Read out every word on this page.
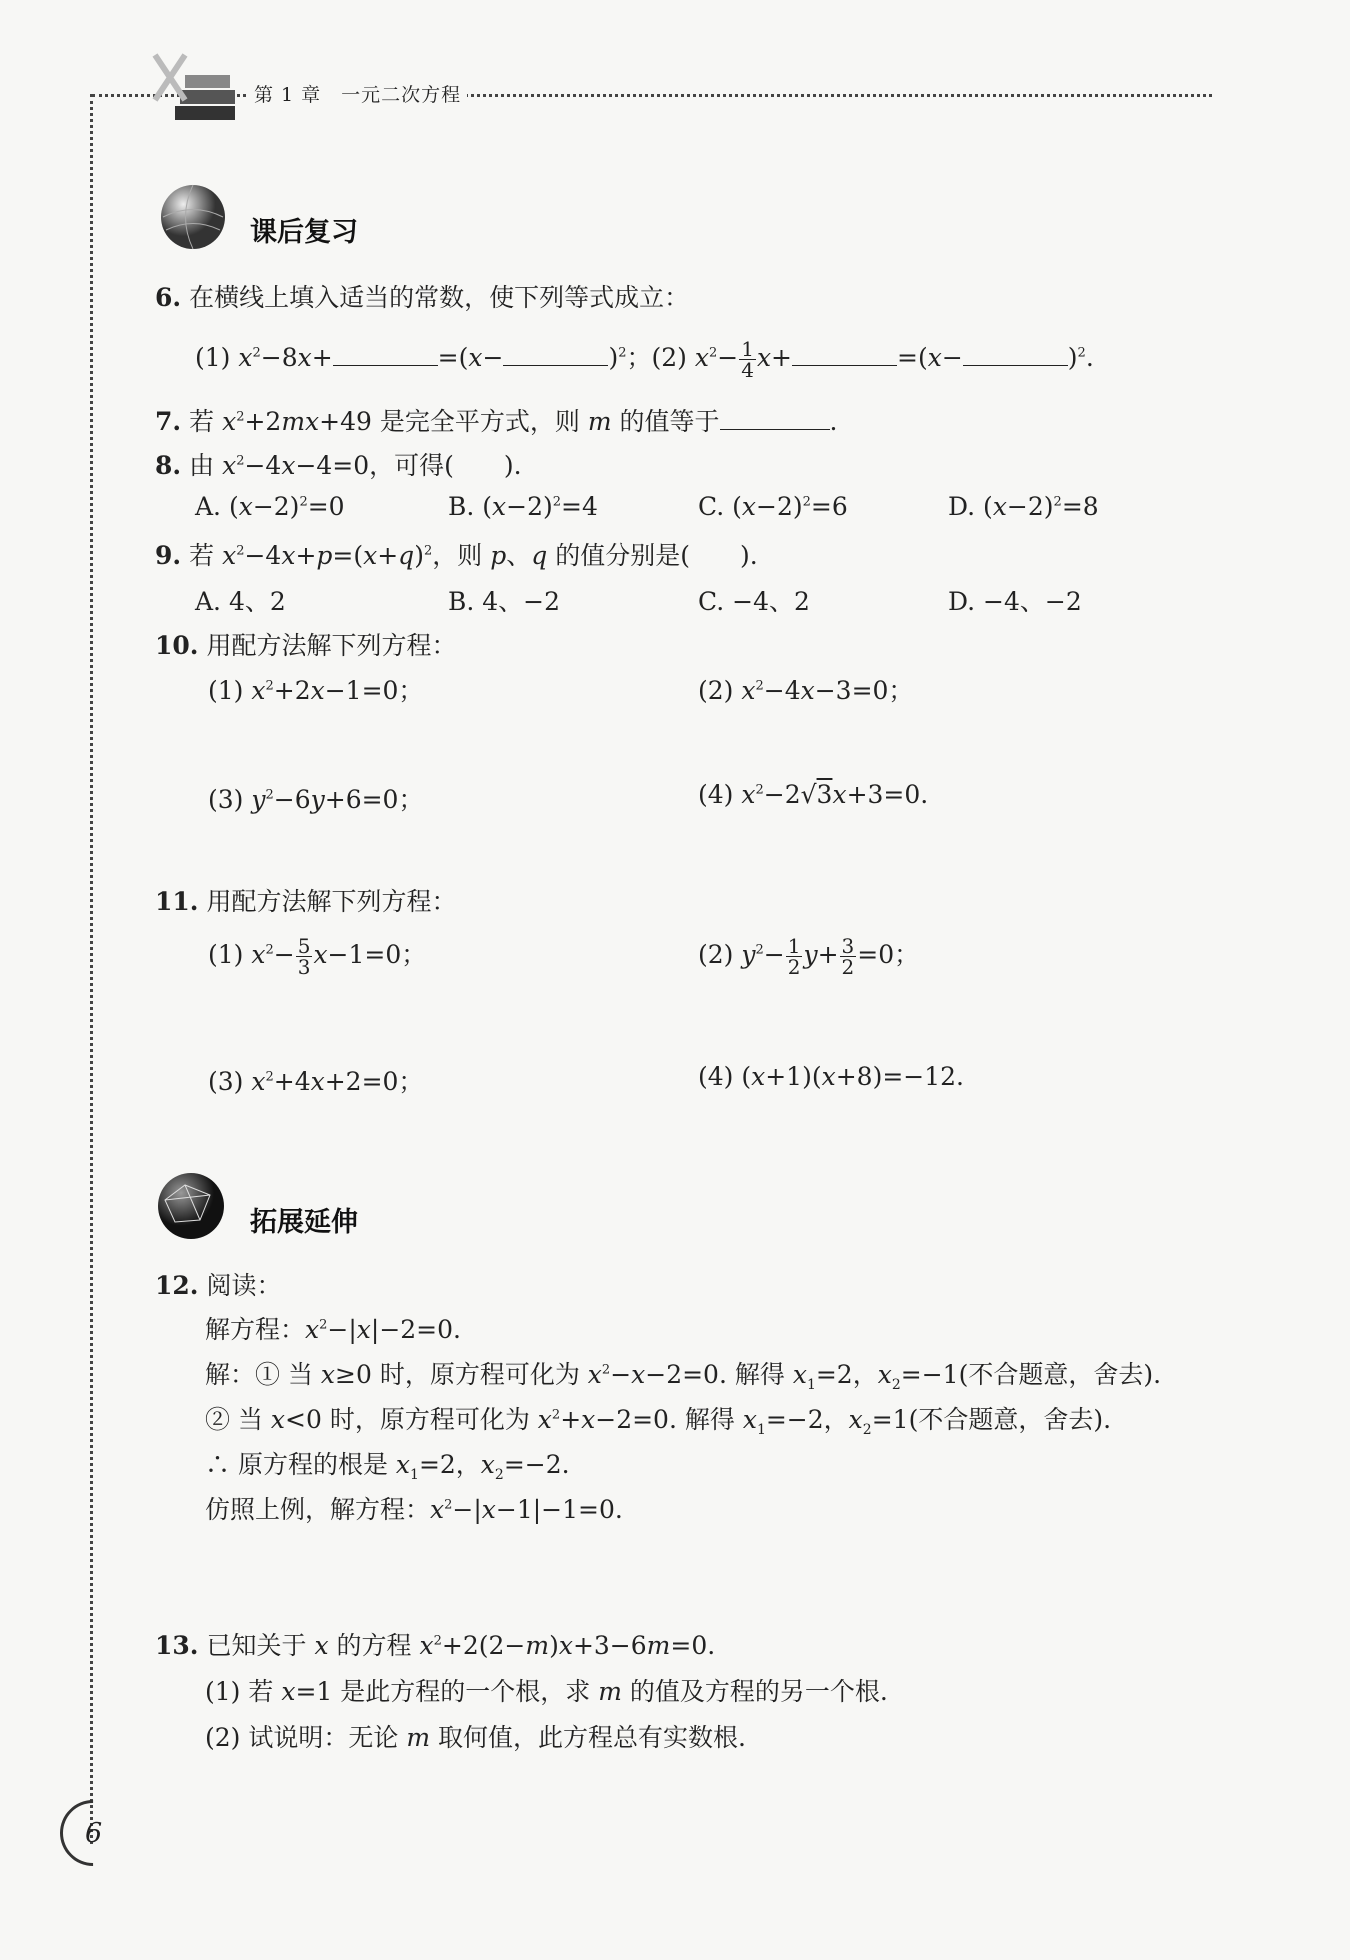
第 1 章　一元二次方程
课后复习
6. 在横线上填入适当的常数，使下列等式成立：
(1) $x^2-8x+$	=(x−	)$^2$；(2) $x^2- \frac{1}{4} x+$	=(x−	)$^2$.
7. 若 $x^2+2mx+49$ 是完全平方式，则 m 的值等于	.
8. 由 $x^2-4x-4=0$，可得(　　).
A. $(x-2)^2=0$	B. $(x-2)^2=4$	C. $(x-2)^2=6$	D. $(x-2)^2=8$
9. 若 $x^2-4x+p=(x+q)^2$，则 p、q 的值分别是(　　).
A. 4、2	B. 4、−2	C. −4、2	D. −4、−2
10. 用配方法解下列方程：
(1) $x^2+2x-1=0$；	(2) $x^2-4x-3=0$；
(3) $y^2-6y+6=0$；	(4) $x^2-2√3x+3=0$.
11. 用配方法解下列方程：
(1) $x^2- \frac{5}{3} x-1=0$；	(2) $y^2- \frac{1}{2} y+ \frac{3}{2} =0$；
(3) $x^2+4x+2=0$；	(4) (x+1)(x+8)=−12.
拓展延伸
12. 阅读：
解方程：$x^2-|x|-2=0$.
解：① 当 x≥0 时，原方程可化为 $x^2-x-2=0$. 解得 $x_1=2$，$x_2=-1$(不合题意，舍去).
② 当 x<0 时，原方程可化为 $x^2+x-2=0$. 解得 $x_1=-2$，$x_2=1$(不合题意，舍去).
∴ 原方程的根是 $x_1=2$，$x_2=-2$.
仿照上例，解方程：$x^2-|x-1|-1=0$.
13. 已知关于 x 的方程 $x^2+2(2-m)x+3-6m=0$.
(1) 若 x=1 是此方程的一个根，求 m 的值及方程的另一个根.
(2) 试说明：无论 m 取何值，此方程总有实数根.
6
